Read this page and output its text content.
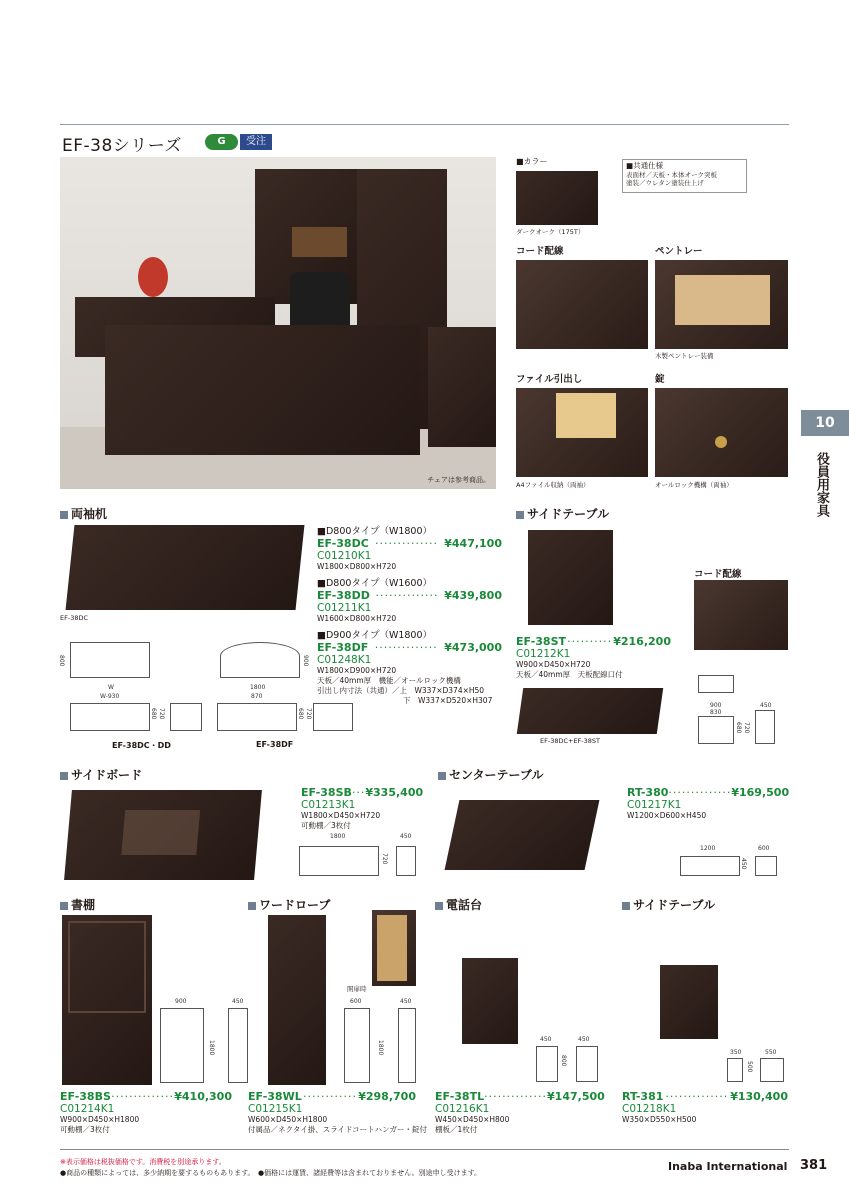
EF-38シリーズ	G	受注
チェアは参考商品。
■カラー
ダークオーク（175T）
■共通仕様
表面材／天板・本体オーク突板
塗装／ウレタン塗装仕上げ
コード配線	ペントレー
木製ペントレー装備
ファイル引出し
A4ファイル収納（両袖）
錠
オールロック機構（両袖）
10
役員用家具
両袖机
EF-38DC
■D800タイプ（W1800）
EF-38DC ·············· ¥447,100
C01210K1
W1800×D800×H720
■D800タイプ（W1600）
EF-38DD ·············· ¥439,800
C01211K1
W1600×D800×H720
■D900タイプ（W1800）
EF-38DF ·············· ¥473,000
C01248K1
W1800×D900×H720
天板／40mm厚　機能／オールロック機構
引出し内寸法（共通）／上　W337×D374×H50
下　W337×D520×H307
800	900
W
W-930
680 720
1800
870
680 720
EF-38DC・DD	EF-38DF
サイドテーブル
コード配線
EF-38ST ·········· ¥216,200
C01212K1
W900×D450×H720
天板／40mm厚　天板配線口付
EF-38DC+EF-38ST
900
830
450
680 720
サイドボード
EF-38SB ··· ¥335,400
C01213K1
W1800×D450×H720
可動棚／3枚付
1800	450
720
センターテーブル
RT-380 ·············· ¥169,500
C01217K1
W1200×D600×H450
1200	600
450
書棚
900	450
1800
EF-38BS ·············· ¥410,300
C01214K1
W900×D450×H1800
可動棚／3枚付
ワードローブ
開扉時
600	450
1800
EF-38WL ············ ¥298,700
C01215K1
W600×D450×H1800
付属品／ネクタイ掛、スライドコートハンガー・錠付
電話台
450	450
800
EF-38TL ·············· ¥147,500
C01216K1
W450×D450×H800
棚板／1枚付
サイドテーブル
350	550
500
RT-381 ·············· ¥130,400
C01218K1
W350×D550×H500
※表示価格は税抜価格です。消費税を別途承ります。
●商品の種類によっては、多少納期を要するものもあります。　●価格には運賃、諸経費等は含まれておりません。別途申し受けます。	Inaba International 381
